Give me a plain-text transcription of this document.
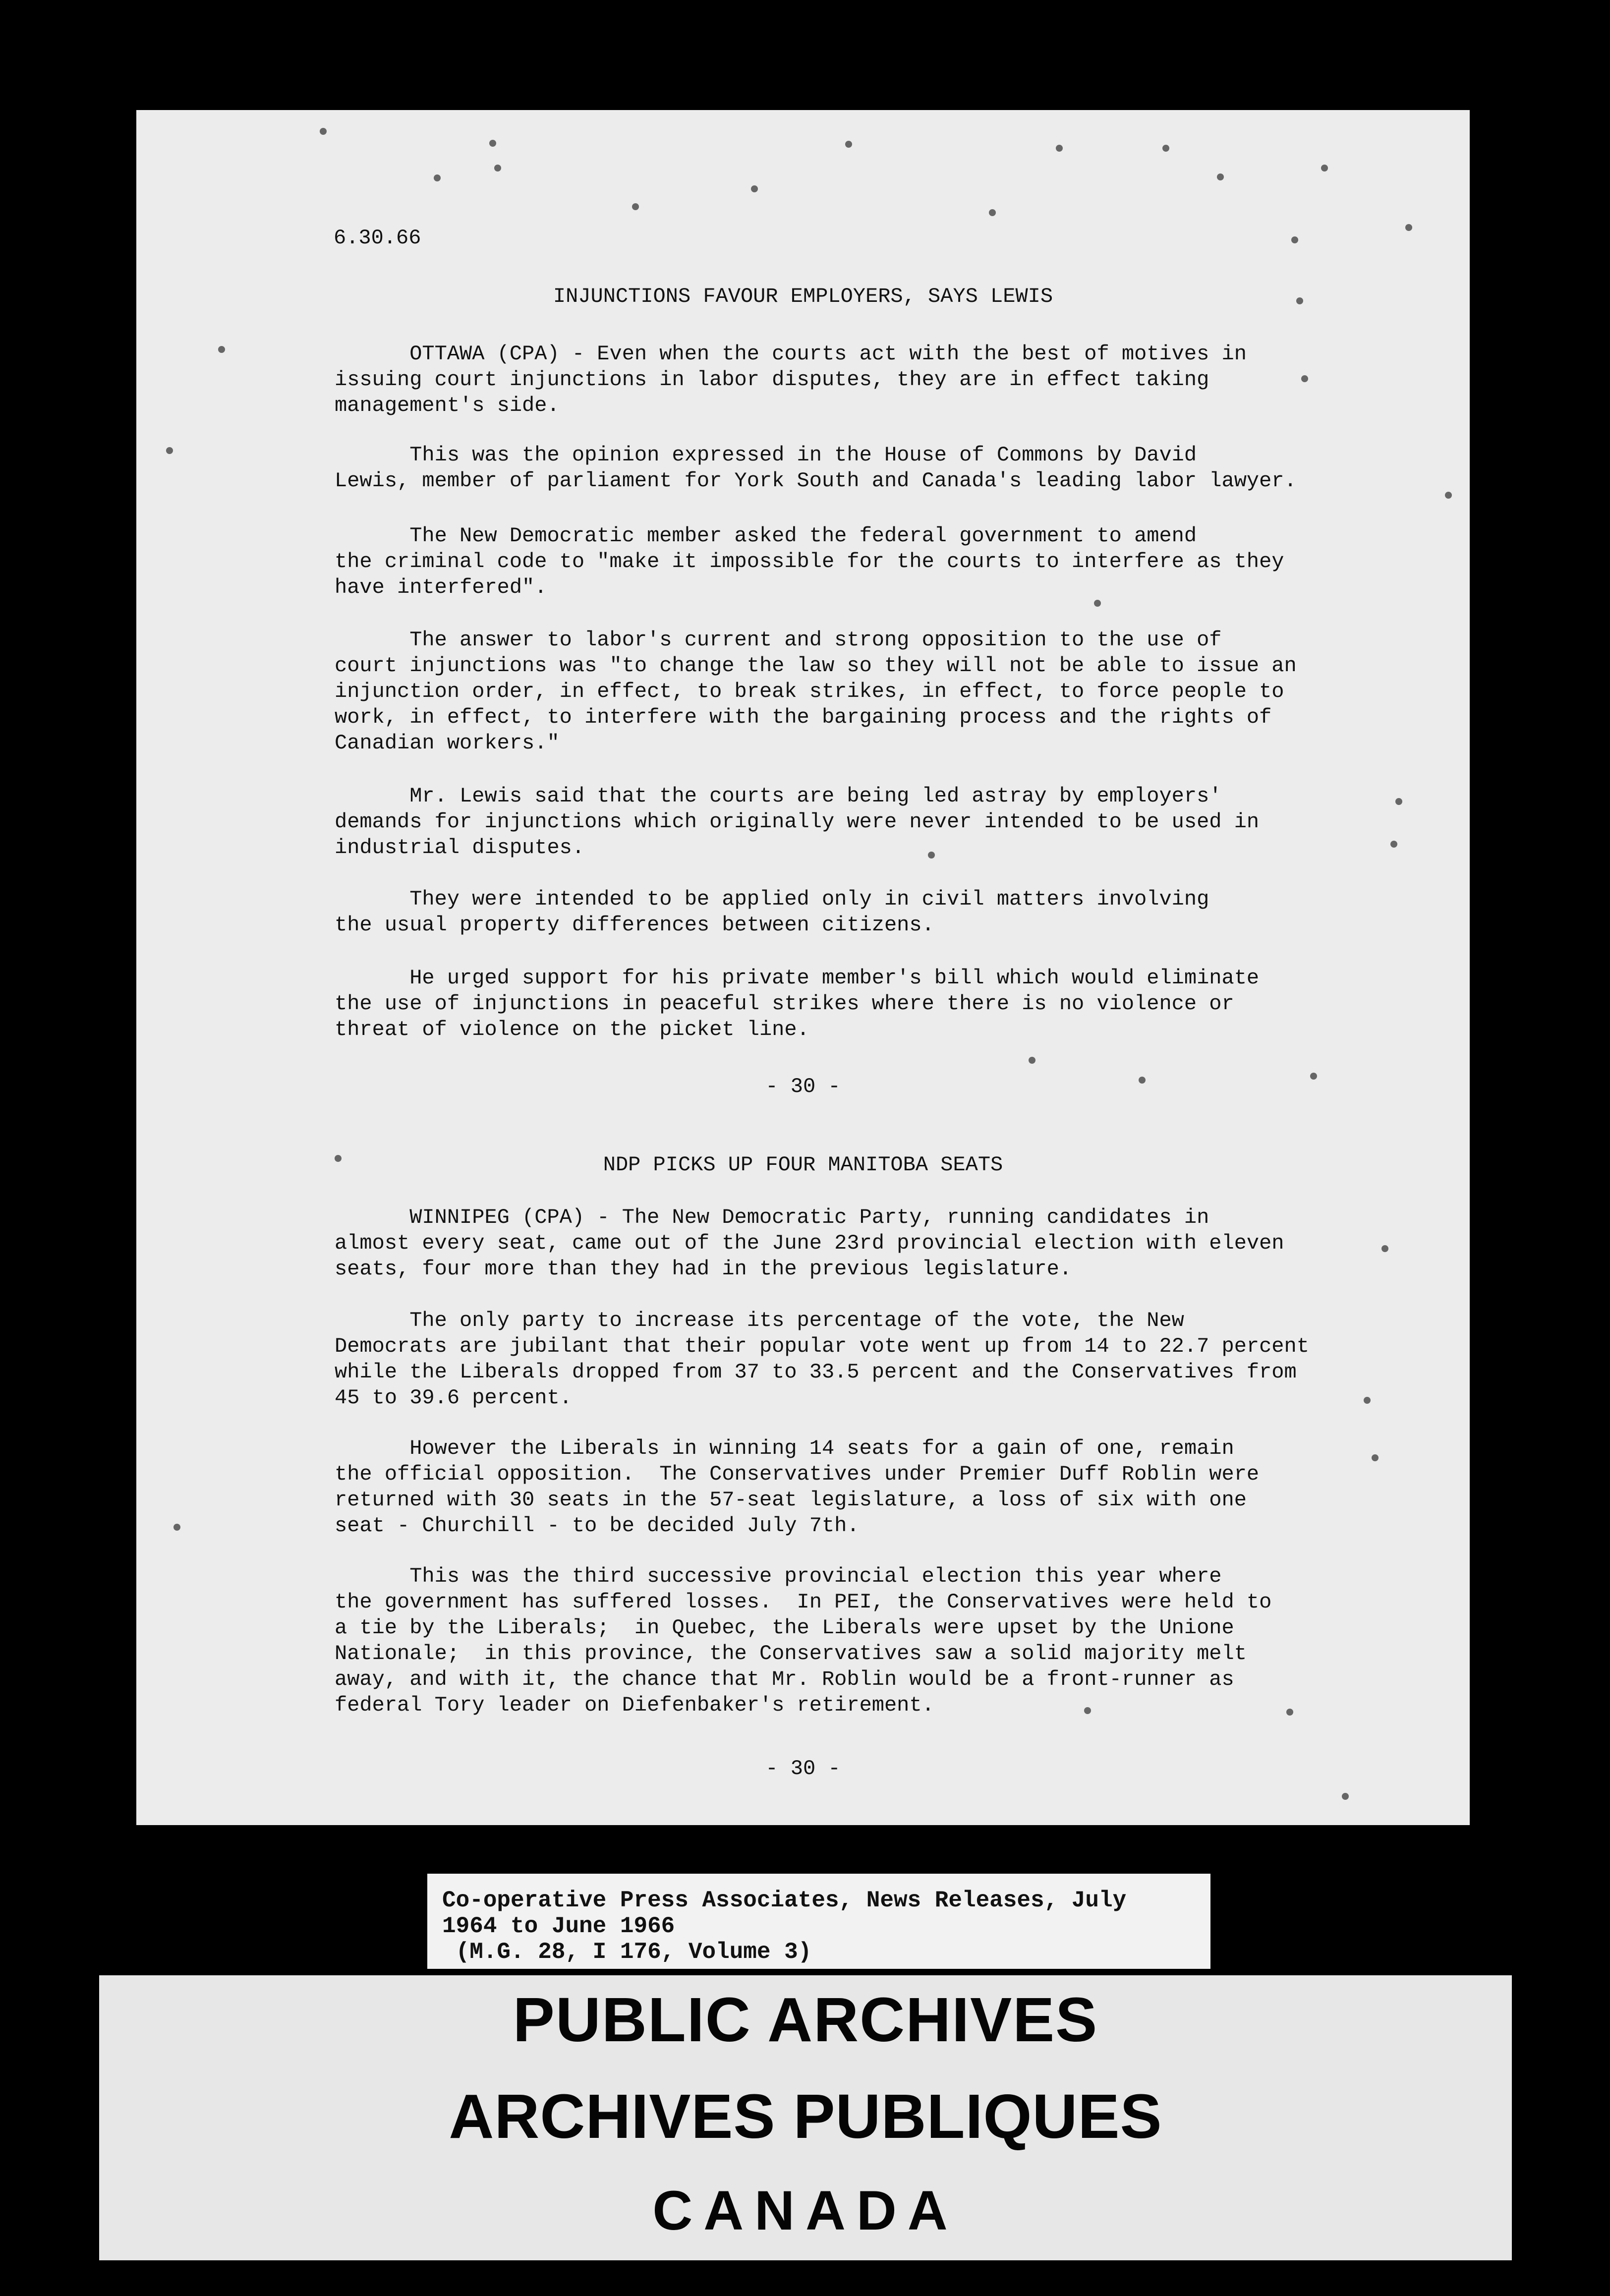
6.30.66
INJUNCTIONS FAVOUR EMPLOYERS, SAYS LEWIS
OTTAWA (CPA) - Even when the courts act with the best of motives in
issuing court injunctions in labor disputes, they are in effect taking
management's side.
This was the opinion expressed in the House of Commons by David
Lewis, member of parliament for York South and Canada's leading labor lawyer.
The New Democratic member asked the federal government to amend
the criminal code to "make it impossible for the courts to interfere as they
have interfered".
The answer to labor's current and strong opposition to the use of
court injunctions was "to change the law so they will not be able to issue an
injunction order, in effect, to break strikes, in effect, to force people to
work, in effect, to interfere with the bargaining process and the rights of
Canadian workers."
Mr. Lewis said that the courts are being led astray by employers'
demands for injunctions which originally were never intended to be used in
industrial disputes.
They were intended to be applied only in civil matters involving
the usual property differences between citizens.
He urged support for his private member's bill which would eliminate
the use of injunctions in peaceful strikes where there is no violence or
threat of violence on the picket line.
- 30 -
NDP PICKS UP FOUR MANITOBA SEATS
WINNIPEG (CPA) - The New Democratic Party, running candidates in
almost every seat, came out of the June 23rd provincial election with eleven
seats, four more than they had in the previous legislature.
The only party to increase its percentage of the vote, the New
Democrats are jubilant that their popular vote went up from 14 to 22.7 percent
while the Liberals dropped from 37 to 33.5 percent and the Conservatives from
45 to 39.6 percent.
However the Liberals in winning 14 seats for a gain of one, remain
the official opposition.  The Conservatives under Premier Duff Roblin were
returned with 30 seats in the 57-seat legislature, a loss of six with one
seat - Churchill - to be decided July 7th.
This was the third successive provincial election this year where
the government has suffered losses.  In PEI, the Conservatives were held to
a tie by the Liberals;  in Quebec, the Liberals were upset by the Unione
Nationale;  in this province, the Conservatives saw a solid majority melt
away, and with it, the chance that Mr. Roblin would be a front-runner as
federal Tory leader on Diefenbaker's retirement.
- 30 -
Co-operative Press Associates, News Releases, July
1964 to June 1966
(M.G. 28, I 176, Volume 3)
PUBLIC ARCHIVES
ARCHIVES PUBLIQUES
CANADA
